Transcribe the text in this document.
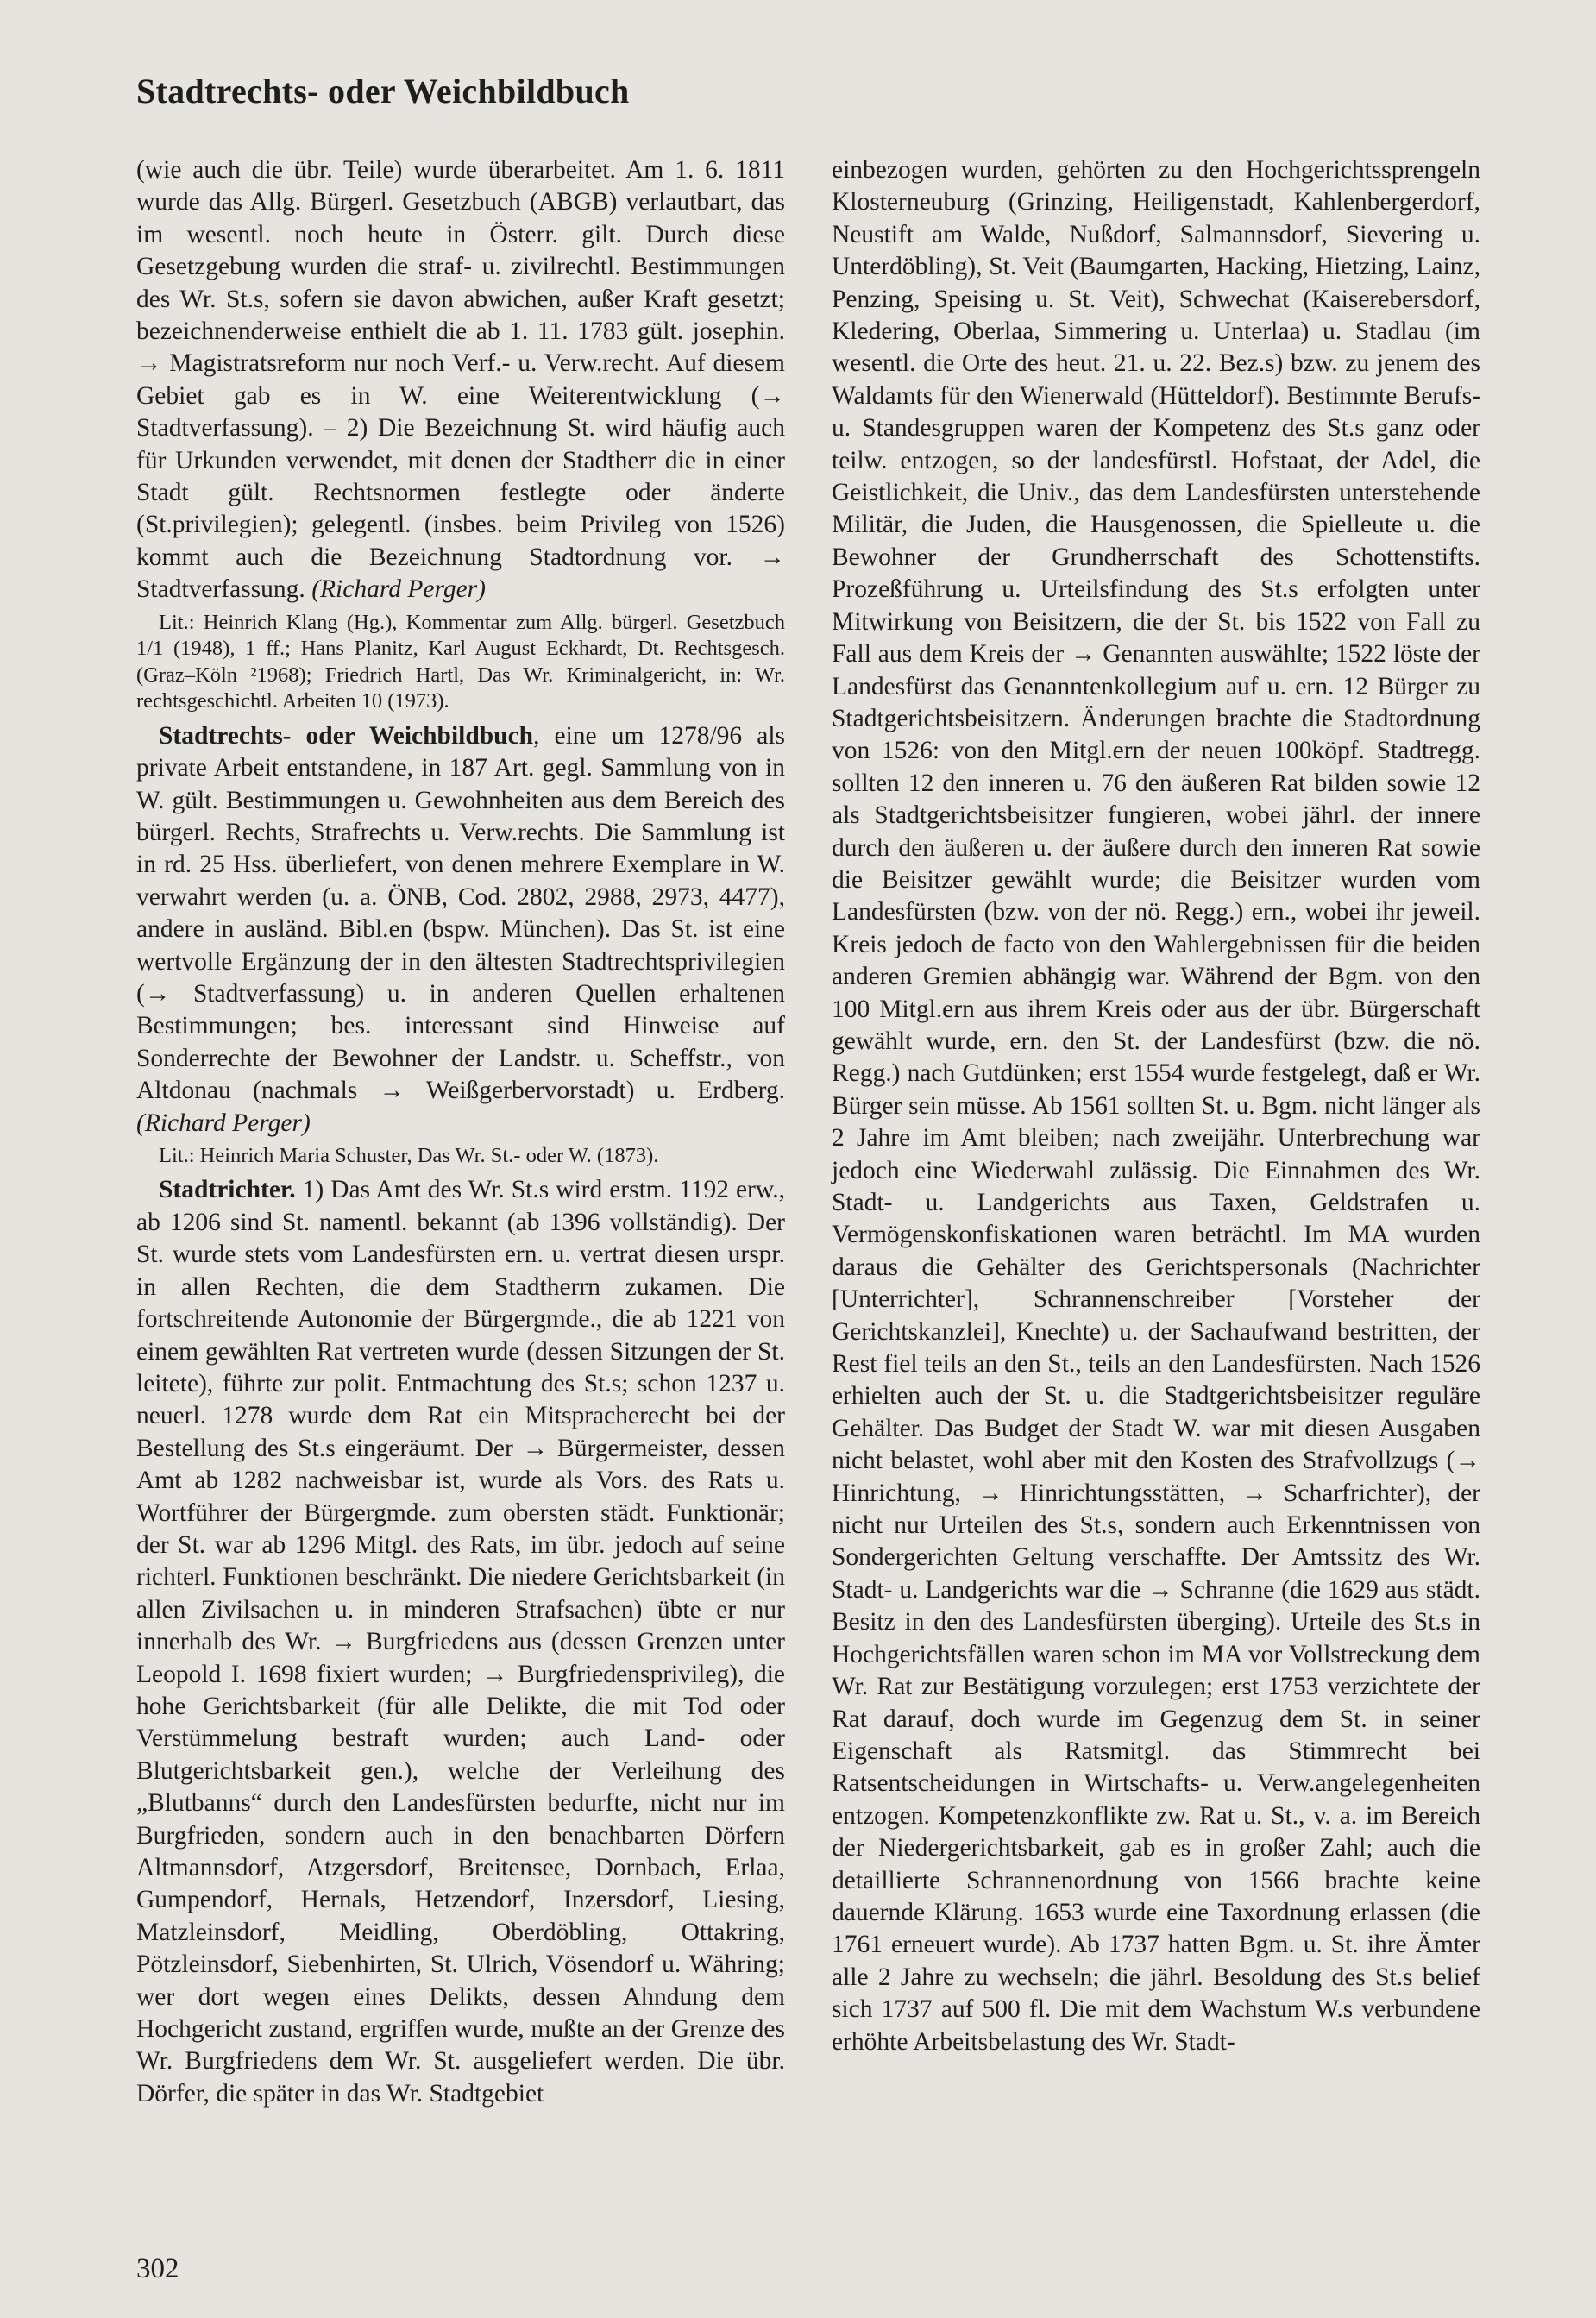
Stadtrechts- oder Weichbildbuch

(wie auch die übr. Teile) wurde überarbeitet. Am 1. 6. 1811 wurde das Allg. Bürgerl. Gesetzbuch (ABGB) verlautbart, das im wesentl. noch heute in Österr. gilt. Durch diese Gesetzgebung wurden die straf- u. zivilrechtl. Bestimmungen des Wr. St.s, sofern sie davon abwichen, außer Kraft gesetzt; bezeichnenderweise enthielt die ab 1. 11. 1783 gült. josephin. → Magistratsreform nur noch Verf.- u. Verw.recht. Auf diesem Gebiet gab es in W. eine Weiterentwicklung (→ Stadtverfassung). – 2) Die Bezeichnung St. wird häufig auch für Urkunden verwendet, mit denen der Stadtherr die in einer Stadt gült. Rechtsnormen festlegte oder änderte (St.privilegien); gelegentl. (insbes. beim Privileg von 1526) kommt auch die Bezeichnung Stadtordnung vor. → Stadtverfassung. (Richard Perger)

Lit.: Heinrich Klang (Hg.), Kommentar zum Allg. bürgerl. Gesetzbuch 1/1 (1948), 1 ff.; Hans Planitz, Karl August Eckhardt, Dt. Rechtsgesch. (Graz–Köln ²1968); Friedrich Hartl, Das Wr. Kriminalgericht, in: Wr. rechtsgeschichtl. Arbeiten 10 (1973).

Stadtrechts- oder Weichbildbuch, eine um 1278/96 als private Arbeit entstandene, in 187 Art. gegl. Sammlung von in W. gült. Bestimmungen u. Gewohnheiten aus dem Bereich des bürgerl. Rechts, Strafrechts u. Verw.rechts. Die Sammlung ist in rd. 25 Hss. überliefert, von denen mehrere Exemplare in W. verwahrt werden (u. a. ÖNB, Cod. 2802, 2988, 2973, 4477), andere in ausländ. Bibl.en (bspw. München). Das St. ist eine wertvolle Ergänzung der in den ältesten Stadtrechtsprivilegien (→ Stadtverfassung) u. in anderen Quellen erhaltenen Bestimmungen; bes. interessant sind Hinweise auf Sonderrechte der Bewohner der Landstr. u. Scheffstr., von Altdonau (nachmals → Weißgerbervorstadt) u. Erdberg. (Richard Perger)

Lit.: Heinrich Maria Schuster, Das Wr. St.- oder W. (1873).

Stadtrichter. 1) Das Amt des Wr. St.s wird erstm. 1192 erw., ab 1206 sind St. namentl. bekannt (ab 1396 vollständig). Der St. wurde stets vom Landesfürsten ern. u. vertrat diesen urspr. in allen Rechten, die dem Stadtherrn zukamen. Die fortschreitende Autonomie der Bürgergmde., die ab 1221 von einem gewählten Rat vertreten wurde (dessen Sitzungen der St. leitete), führte zur polit. Entmachtung des St.s; schon 1237 u. neuerl. 1278 wurde dem Rat ein Mitspracherecht bei der Bestellung des St.s eingeräumt. Der → Bürgermeister, dessen Amt ab 1282 nachweisbar ist, wurde als Vors. des Rats u. Wortführer der Bürgergmde. zum obersten städt. Funktionär; der St. war ab 1296 Mitgl. des Rats, im übr. jedoch auf seine richterl. Funktionen beschränkt. Die niedere Gerichtsbarkeit (in allen Zivilsachen u. in minderen Strafsachen) übte er nur innerhalb des Wr. → Burgfriedens aus (dessen Grenzen unter Leopold I. 1698 fixiert wurden; → Burgfriedensprivileg), die hohe Gerichtsbarkeit (für alle Delikte, die mit Tod oder Verstümmelung bestraft wurden; auch Land- oder Blutgerichtsbarkeit gen.), welche der Verleihung des „Blutbanns“ durch den Landesfürsten bedurfte, nicht nur im Burgfrieden, sondern auch in den benachbarten Dörfern Altmannsdorf, Atzgersdorf, Breitensee, Dornbach, Erlaa, Gumpendorf, Hernals, Hetzendorf, Inzersdorf, Liesing, Matzleinsdorf, Meidling, Oberdöbling, Ottakring, Pötzleinsdorf, Siebenhirten, St. Ulrich, Vösendorf u. Währing; wer dort wegen eines Delikts, dessen Ahndung dem Hochgericht zustand, ergriffen wurde, mußte an der Grenze des Wr. Burgfriedens dem Wr. St. ausgeliefert werden. Die übr. Dörfer, die später in das Wr. Stadtgebiet

einbezogen wurden, gehörten zu den Hochgerichtssprengeln Klosterneuburg (Grinzing, Heiligenstadt, Kahlenbergerdorf, Neustift am Walde, Nußdorf, Salmannsdorf, Sievering u. Unterdöbling), St. Veit (Baumgarten, Hacking, Hietzing, Lainz, Penzing, Speising u. St. Veit), Schwechat (Kaiserebersdorf, Kledering, Oberlaa, Simmering u. Unterlaa) u. Stadlau (im wesentl. die Orte des heut. 21. u. 22. Bez.s) bzw. zu jenem des Waldamts für den Wienerwald (Hütteldorf). Bestimmte Berufs- u. Standesgruppen waren der Kompetenz des St.s ganz oder teilw. entzogen, so der landesfürstl. Hofstaat, der Adel, die Geistlichkeit, die Univ., das dem Landesfürsten unterstehende Militär, die Juden, die Hausgenossen, die Spielleute u. die Bewohner der Grundherrschaft des Schottenstifts. Prozeßführung u. Urteilsfindung des St.s erfolgten unter Mitwirkung von Beisitzern, die der St. bis 1522 von Fall zu Fall aus dem Kreis der → Genannten auswählte; 1522 löste der Landesfürst das Genanntenkollegium auf u. ern. 12 Bürger zu Stadtgerichtsbeisitzern. Änderungen brachte die Stadtordnung von 1526: von den Mitgl.ern der neuen 100köpf. Stadtregg. sollten 12 den inneren u. 76 den äußeren Rat bilden sowie 12 als Stadtgerichtsbeisitzer fungieren, wobei jährl. der innere durch den äußeren u. der äußere durch den inneren Rat sowie die Beisitzer gewählt wurde; die Beisitzer wurden vom Landesfürsten (bzw. von der nö. Regg.) ern., wobei ihr jeweil. Kreis jedoch de facto von den Wahlergebnissen für die beiden anderen Gremien abhängig war. Während der Bgm. von den 100 Mitgl.ern aus ihrem Kreis oder aus der übr. Bürgerschaft gewählt wurde, ern. den St. der Landesfürst (bzw. die nö. Regg.) nach Gutdünken; erst 1554 wurde festgelegt, daß er Wr. Bürger sein müsse. Ab 1561 sollten St. u. Bgm. nicht länger als 2 Jahre im Amt bleiben; nach zweijähr. Unterbrechung war jedoch eine Wiederwahl zulässig. Die Einnahmen des Wr. Stadt- u. Landgerichts aus Taxen, Geldstrafen u. Vermögenskonfiskationen waren beträchtl. Im MA wurden daraus die Gehälter des Gerichtspersonals (Nachrichter [Unterrichter], Schrannenschreiber [Vorsteher der Gerichtskanzlei], Knechte) u. der Sachaufwand bestritten, der Rest fiel teils an den St., teils an den Landesfürsten. Nach 1526 erhielten auch der St. u. die Stadtgerichtsbeisitzer reguläre Gehälter. Das Budget der Stadt W. war mit diesen Ausgaben nicht belastet, wohl aber mit den Kosten des Strafvollzugs (→ Hinrichtung, → Hinrichtungsstätten, → Scharfrichter), der nicht nur Urteilen des St.s, sondern auch Erkenntnissen von Sondergerichten Geltung verschaffte. Der Amtssitz des Wr. Stadt- u. Landgerichts war die → Schranne (die 1629 aus städt. Besitz in den des Landesfürsten überging). Urteile des St.s in Hochgerichtsfällen waren schon im MA vor Vollstreckung dem Wr. Rat zur Bestätigung vorzulegen; erst 1753 verzichtete der Rat darauf, doch wurde im Gegenzug dem St. in seiner Eigenschaft als Ratsmitgl. das Stimmrecht bei Ratsentscheidungen in Wirtschafts- u. Verw.angelegenheiten entzogen. Kompetenzkonflikte zw. Rat u. St., v. a. im Bereich der Niedergerichtsbarkeit, gab es in großer Zahl; auch die detaillierte Schrannenordnung von 1566 brachte keine dauernde Klärung. 1653 wurde eine Taxordnung erlassen (die 1761 erneuert wurde). Ab 1737 hatten Bgm. u. St. ihre Ämter alle 2 Jahre zu wechseln; die jährl. Besoldung des St.s belief sich 1737 auf 500 fl. Die mit dem Wachstum W.s verbundene erhöhte Arbeitsbelastung des Wr. Stadt-

302
